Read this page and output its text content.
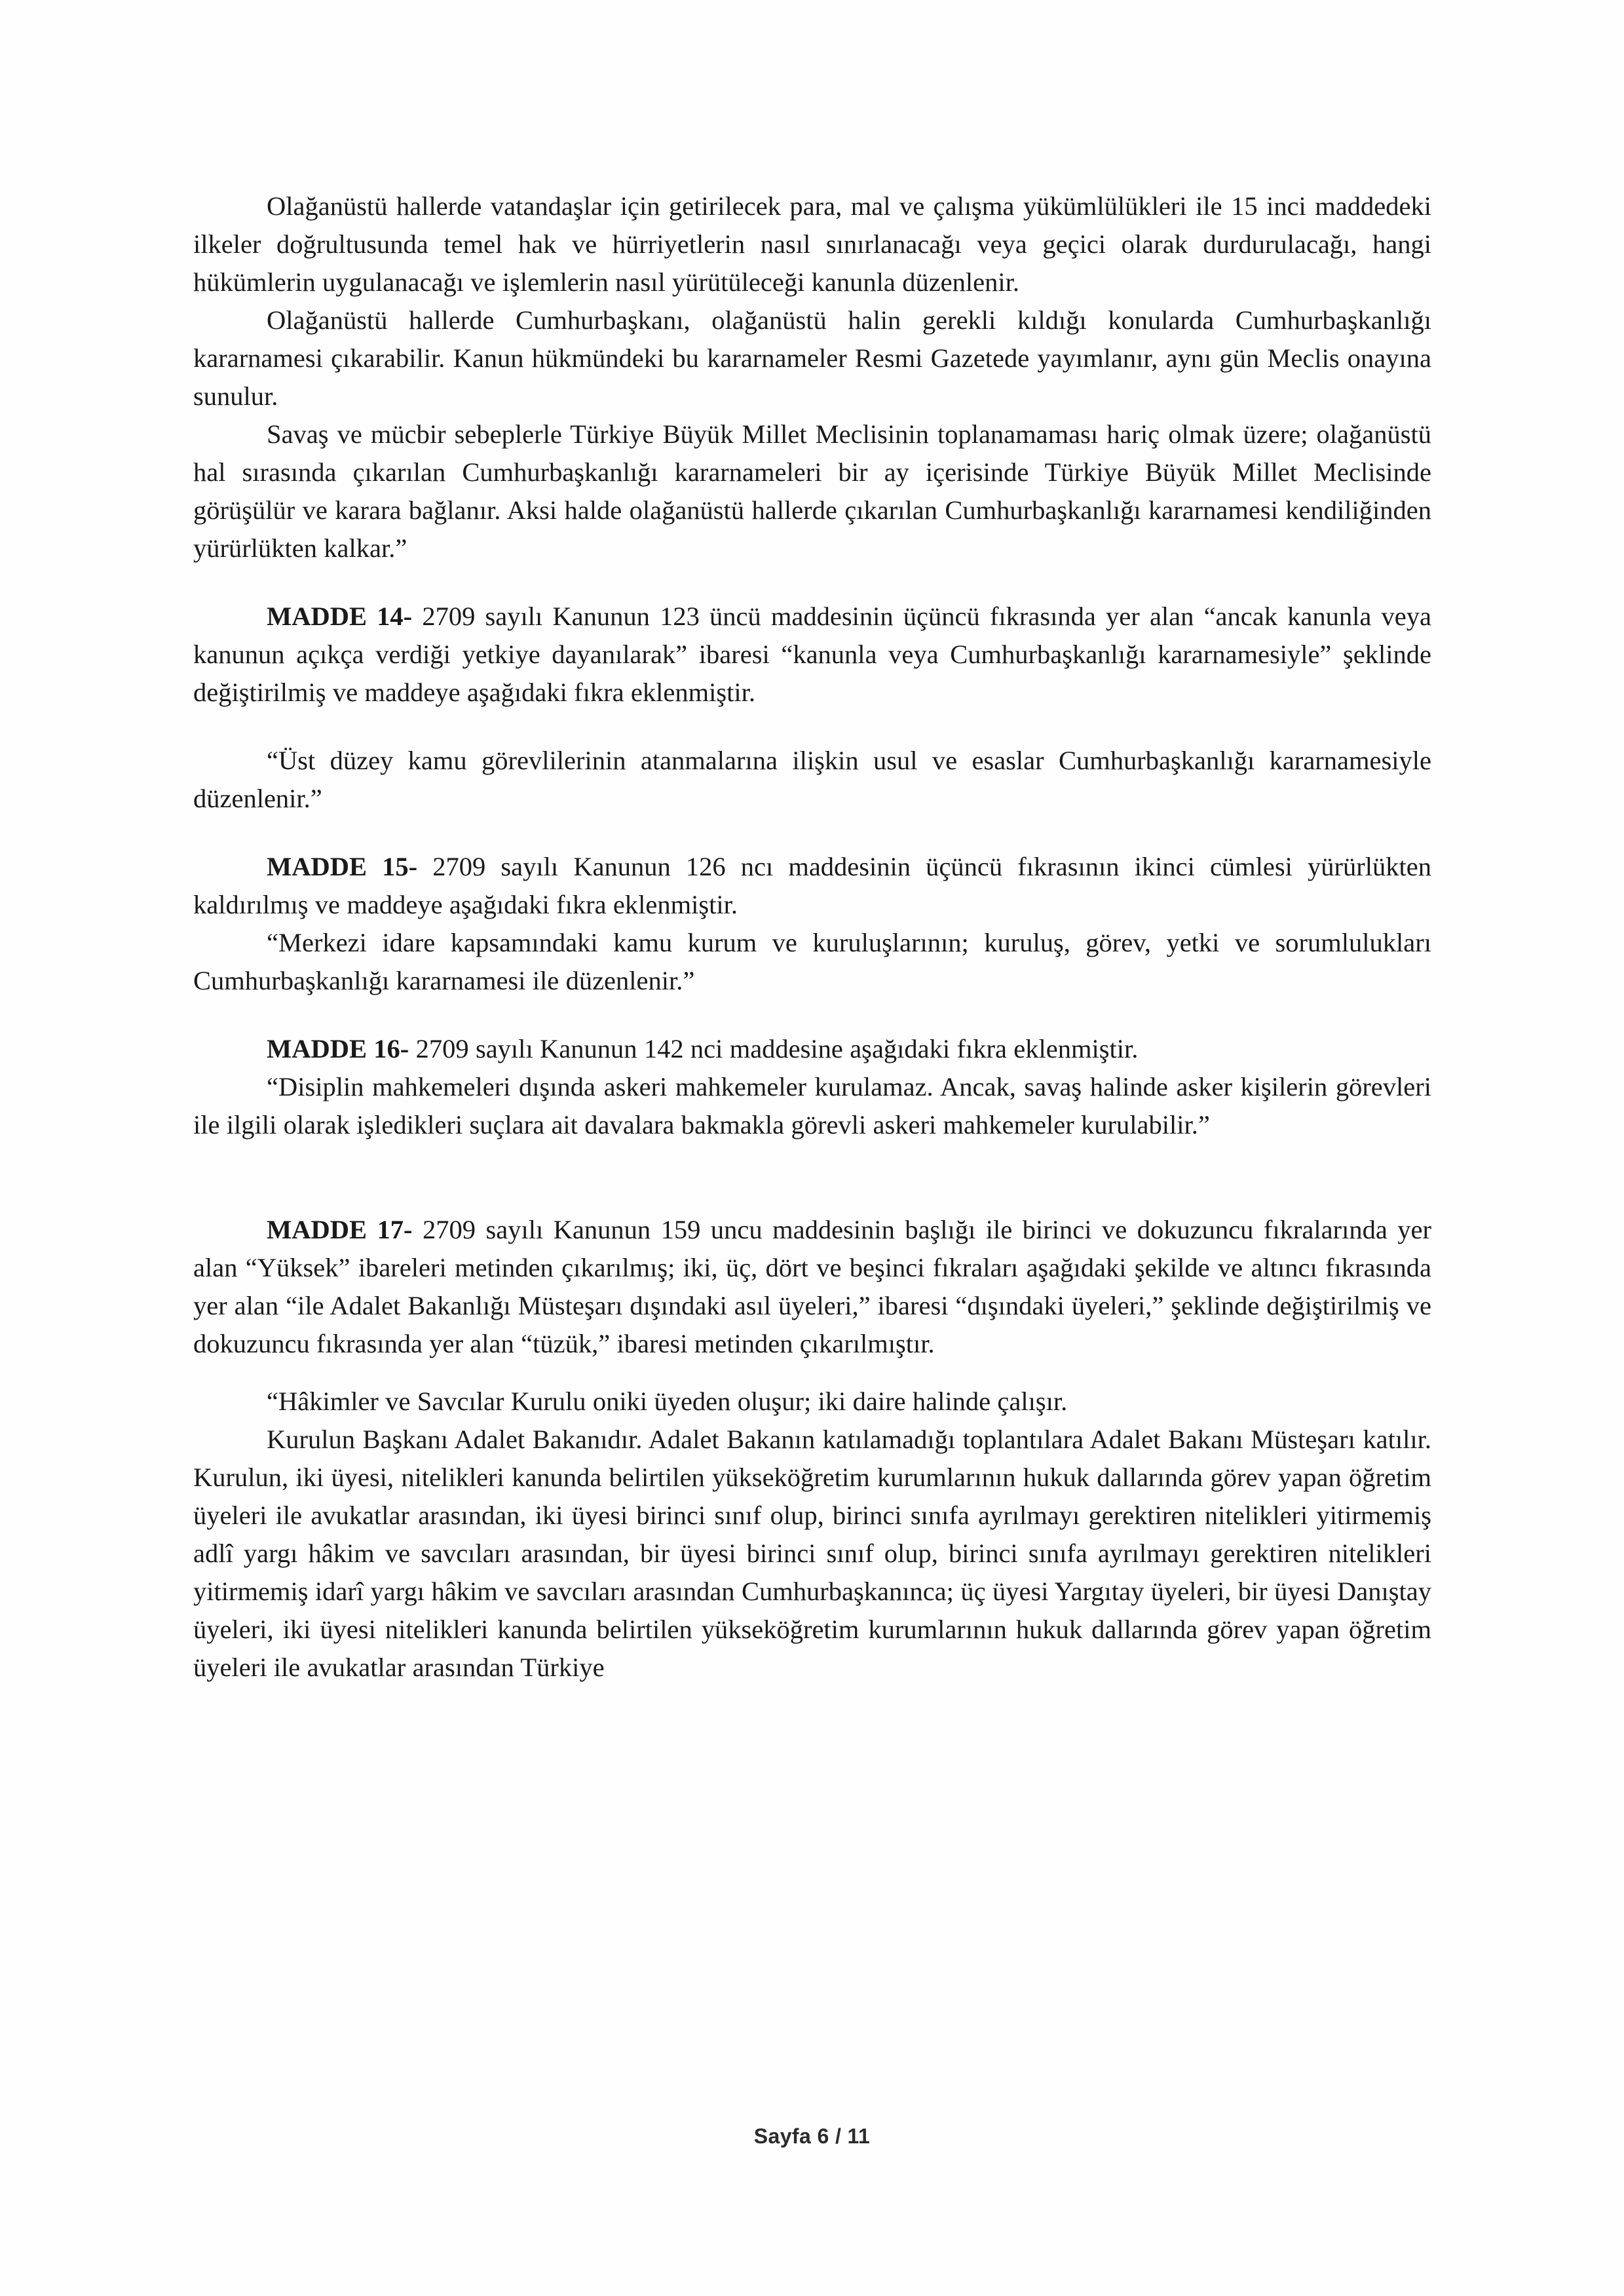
Olağanüstü hallerde vatandaşlar için getirilecek para, mal ve çalışma yükümlülükleri ile 15 inci maddedeki ilkeler doğrultusunda temel hak ve hürriyetlerin nasıl sınırlanacağı veya geçici olarak durdurulacağı, hangi hükümlerin uygulanacağı ve işlemlerin nasıl yürütüleceği kanunla düzenlenir.

Olağanüstü hallerde Cumhurbaşkanı, olağanüstü halin gerekli kıldığı konularda Cumhurbaşkanlığı kararnamesi çıkarabilir. Kanun hükmündeki bu kararnameler Resmi Gazetede yayımlanır, aynı gün Meclis onayına sunulur.

Savaş ve mücbir sebeplerle Türkiye Büyük Millet Meclisinin toplanamaması hariç olmak üzere; olağanüstü hal sırasında çıkarılan Cumhurbaşkanlığı kararnameleri bir ay içerisinde Türkiye Büyük Millet Meclisinde görüşülür ve karara bağlanır. Aksi halde olağanüstü hallerde çıkarılan Cumhurbaşkanlığı kararnamesi kendiliğinden yürürlükten kalkar.”

MADDE 14- 2709 sayılı Kanunun 123 üncü maddesinin üçüncü fıkrasında yer alan “ancak kanunla veya kanunun açıkça verdiği yetkiye dayanılarak” ibaresi “kanunla veya Cumhurbaşkanlığı kararnamesiyle” şeklinde değiştirilmiş ve maddeye aşağıdaki fıkra eklenmiştir.

“Üst düzey kamu görevlilerinin atanmalarına ilişkin usul ve esaslar Cumhurbaşkanlığı kararnamesiyle düzenlenir.”

MADDE 15- 2709 sayılı Kanunun 126 ncı maddesinin üçüncü fıkrasının ikinci cümlesi yürürlükten kaldırılmış ve maddeye aşağıdaki fıkra eklenmiştir.

“Merkezi idare kapsamındaki kamu kurum ve kuruluşlarının; kuruluş, görev, yetki ve sorumlulukları Cumhurbaşkanlığı kararnamesi ile düzenlenir.”

MADDE 16- 2709 sayılı Kanunun 142 nci maddesine aşağıdaki fıkra eklenmiştir.

“Disiplin mahkemeleri dışında askeri mahkemeler kurulamaz. Ancak, savaş halinde asker kişilerin görevleri ile ilgili olarak işledikleri suçlara ait davalara bakmakla görevli askeri mahkemeler kurulabilir.”

MADDE 17- 2709 sayılı Kanunun 159 uncu maddesinin başlığı ile birinci ve dokuzuncu fıkralarında yer alan “Yüksek” ibareleri metinden çıkarılmış; iki, üç, dört ve beşinci fıkraları aşağıdaki şekilde ve altıncı fıkrasında yer alan “ile Adalet Bakanlığı Müsteşarı dışındaki asıl üyeleri,” ibaresi “dışındaki üyeleri,” şeklinde değiştirilmiş ve dokuzuncu fıkrasında yer alan “tüzük,” ibaresi metinden çıkarılmıştır.

“Hâkimler ve Savcılar Kurulu oniki üyeden oluşur; iki daire halinde çalışır.

Kurulun Başkanı Adalet Bakanıdır. Adalet Bakanın katılamadığı toplantılara Adalet Bakanı Müsteşarı katılır. Kurulun, iki üyesi, nitelikleri kanunda belirtilen yükseköğretim kurumlarının hukuk dallarında görev yapan öğretim üyeleri ile avukatlar arasından, iki üyesi birinci sınıf olup, birinci sınıfa ayrılmayı gerektiren nitelikleri yitirmemiş adlî yargı hâkim ve savcıları arasından, bir üyesi birinci sınıf olup, birinci sınıfa ayrılmayı gerektiren nitelikleri yitirmemiş idarî yargı hâkim ve savcıları arasından Cumhurbaşkanınca; üç üyesi Yargıtay üyeleri, bir üyesi Danıştay üyeleri, iki üyesi nitelikleri kanunda belirtilen yükseköğretim kurumlarının hukuk dallarında görev yapan öğretim üyeleri ile avukatlar arasından Türkiye

Sayfa 6 / 11
